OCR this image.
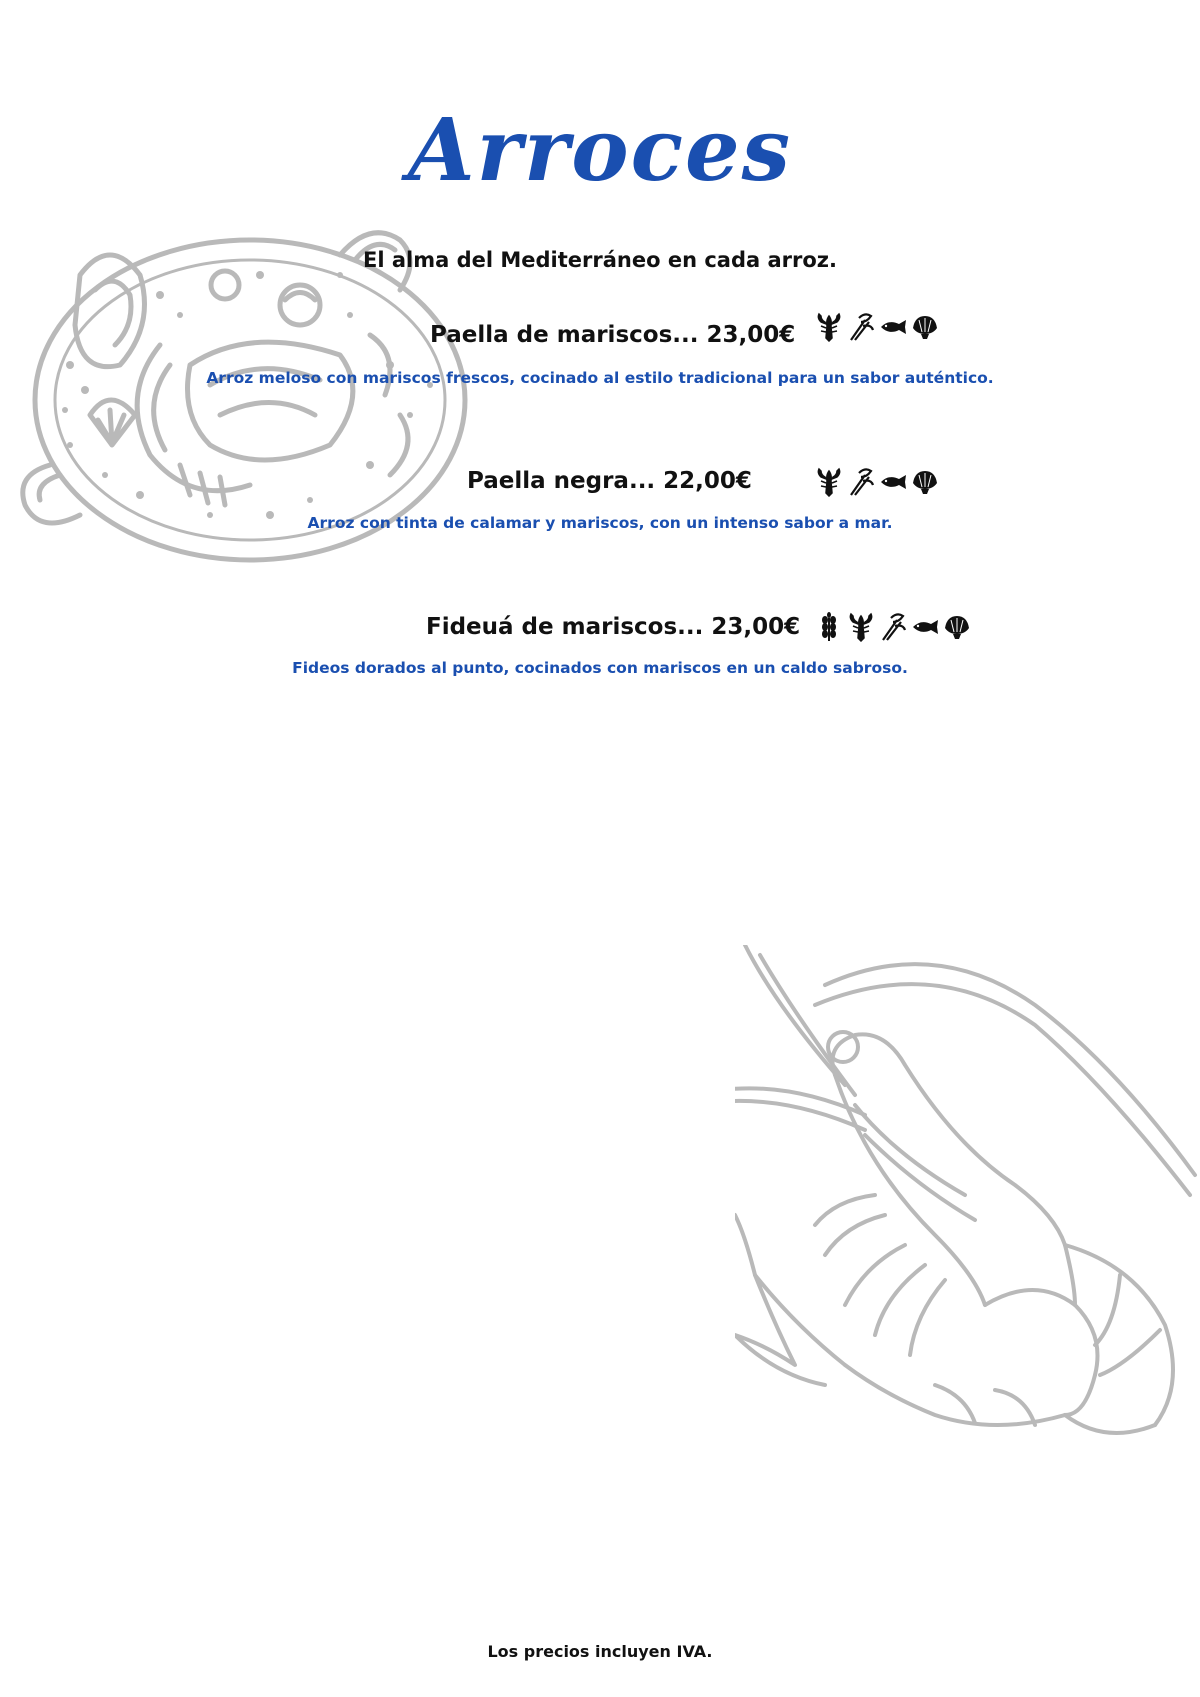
Arroces
El alma del Mediterráneo en cada arroz.
Paella de mariscos... 23,00€
Arroz meloso con mariscos frescos, cocinado al estilo tradicional para un sabor auténtico.
Paella negra... 22,00€
Arroz con tinta de calamar y mariscos, con un intenso sabor a mar.
Fideuá de mariscos... 23,00€
Fideos dorados al punto, cocinados con mariscos en un caldo sabroso.
Los precios incluyen IVA.
